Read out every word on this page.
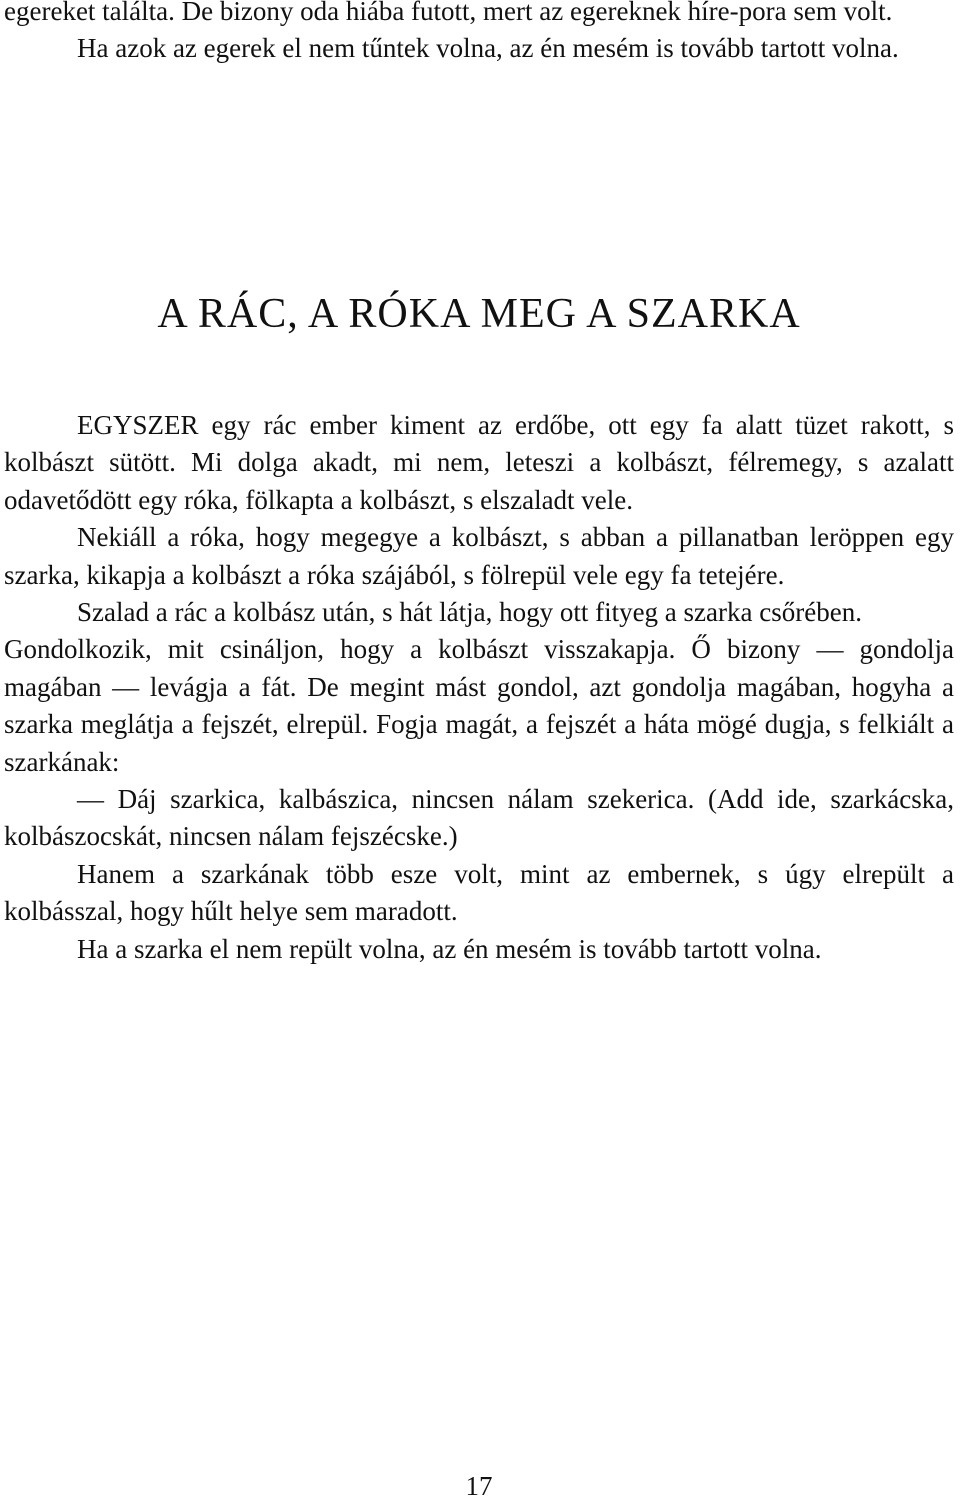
egereket találta. De bizony oda hiába futott, mert az egereknek híre-pora sem volt.

Ha azok az egerek el nem tűntek volna, az én mesém is tovább tartott volna.

A RÁC, A RÓKA MEG A SZARKA

EGYSZER egy rác ember kiment az erdőbe, ott egy fa alatt tüzet rakott, s kolbászt sütött. Mi dolga akadt, mi nem, leteszi a kolbászt, félremegy, s azalatt odavetődött egy róka, fölkapta a kolbászt, s elszaladt vele.

Nekiáll a róka, hogy megegye a kolbászt, s abban a pillanatban leröppen egy szarka, kikapja a kolbászt a róka szájából, s fölrepül vele egy fa tetejére.

Szalad a rác a kolbász után, s hát látja, hogy ott fityeg a szarka csőrében.

Gondolkozik, mit csináljon, hogy a kolbászt visszakapja. Ő bizony — gondolja magában — levágja a fát. De megint mást gondol, azt gondolja magában, hogyha a szarka meglátja a fejszét, elrepül. Fogja magát, a fejszét a háta mögé dugja, s felkiált a szarkának:

— Dáj szarkica, kalbászica, nincsen nálam szekerica. (Add ide, szarkácska, kolbászocskát, nincsen nálam fejszécske.)

Hanem a szarkának több esze volt, mint az embernek, s úgy elrepült a kolbásszal, hogy hűlt helye sem maradott.

Ha a szarka el nem repült volna, az én mesém is tovább tartott volna.

17
